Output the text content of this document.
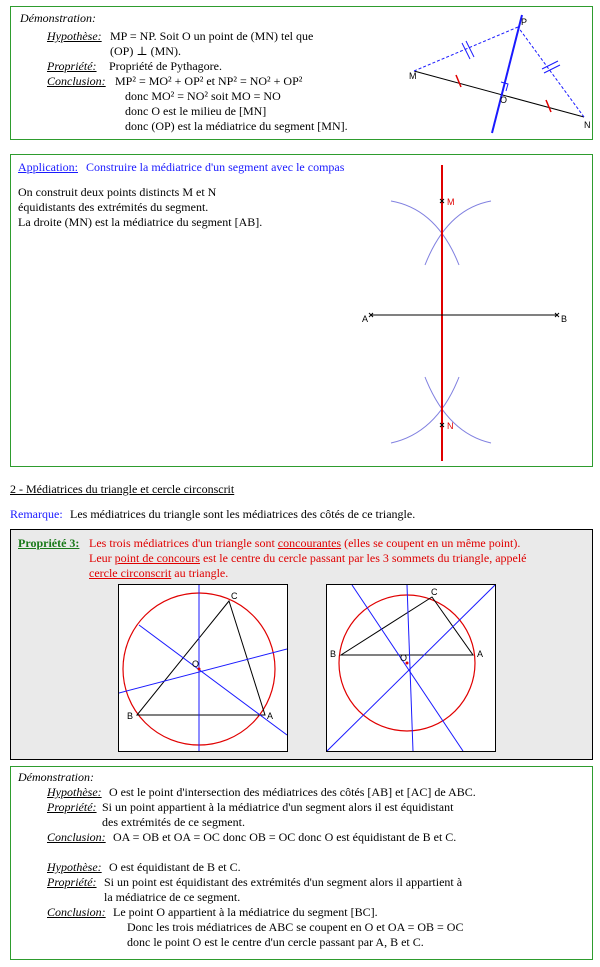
Démonstration:
Hypothèse: MP = NP. Soit O un point de (MN) tel que
(OP) ⊥ (MN).
Propriété: Propriété de Pythagore.
Conclusion: MP² = MO² + OP² et NP² = NO² + OP²
donc MO² = NO² soit MO = NO
donc O est le milieu de [MN]
donc (OP) est la médiatrice du segment [MN].
P
M
O
N
Application: Construire la médiatrice d'un segment avec le compas
On construit deux points distincts M et N
équidistants des extrémités du segment.
La droite (MN) est la médiatrice du segment [AB].
M
N
A	B
2 - Médiatrices du triangle et cercle circonscrit
Remarque: Les médiatrices du triangle sont les médiatrices des côtés de ce triangle.
Propriété 3: Les trois médiatrices d'un triangle sont concourantes (elles se coupent en un même point).
Leur point de concours est le centre du cercle passant par les 3 sommets du triangle, appelé
cercle circonscrit au triangle.
C
O
B	A
C
O
B	A
Démonstration:
Hypothèse: O est le point d'intersection des médiatrices des côtés [AB] et [AC] de ABC.
Propriété: Si un point appartient à la médiatrice d'un segment alors il est équidistant
des extrémités de ce segment.
Conclusion: OA = OB et OA = OC donc OB = OC donc O est équidistant de B et C.
Hypothèse: O est équidistant de B et C.
Propriété: Si un point est équidistant des extrémités d'un segment alors il appartient à
la médiatrice de ce segment.
Conclusion: Le point O appartient à la médiatrice du segment [BC].
Donc les trois médiatrices de ABC se coupent en O et OA = OB = OC
donc le point O est le centre d'un cercle passant par A, B et C.
